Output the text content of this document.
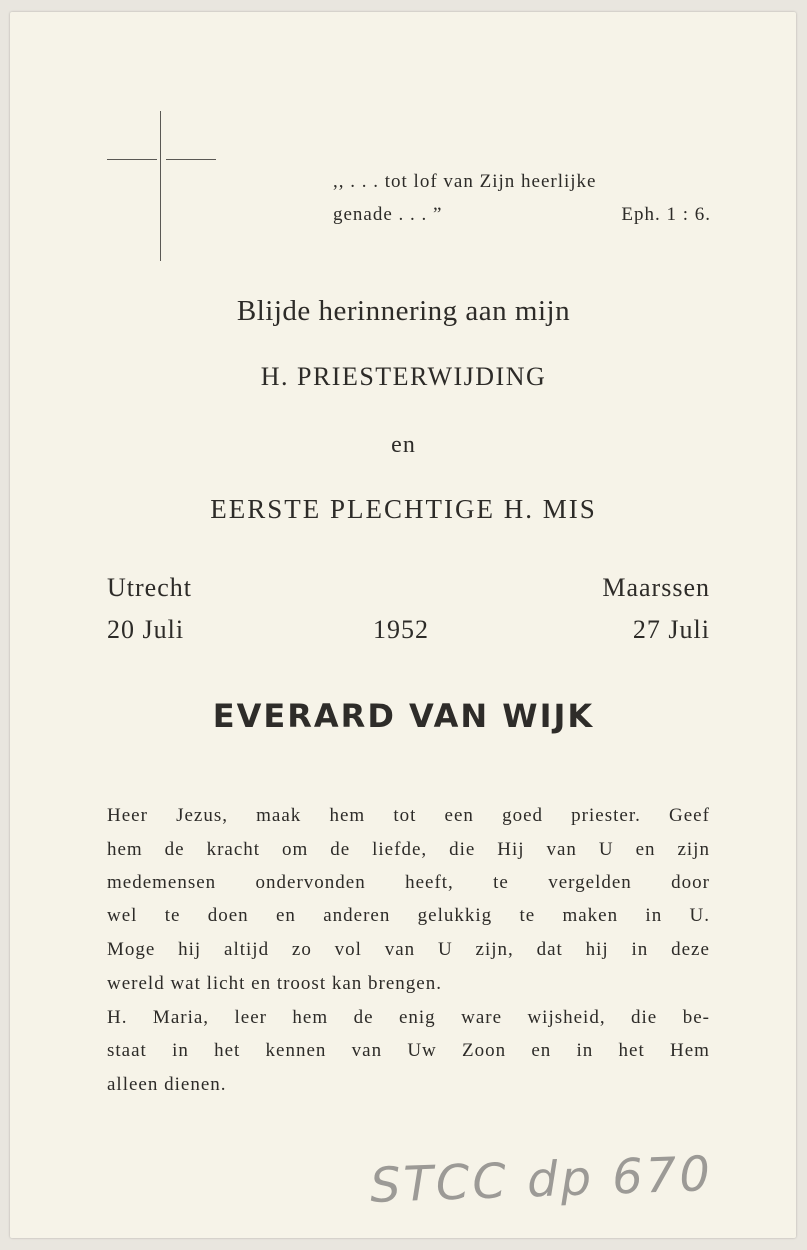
,, . . . tot lof van Zijn heerlijke
genade . . . ”	Eph. 1 : 6.
Blijde herinnering aan mijn
H. PRIESTERWIJDING
en
EERSTE PLECHTIGE H. MIS
Utrecht
20 Juli	1952
Maarssen
27 Juli
EVERARD VAN WIJK
Heer Jezus, maak hem tot een goed priester. Geef
hem de kracht om de liefde, die Hij van U en zijn
medemensen ondervonden heeft, te vergelden door
wel te doen en anderen gelukkig te maken in U.
Moge hij altijd zo vol van U zijn, dat hij in deze
wereld wat licht en troost kan brengen.
H. Maria, leer hem de enig ware wijsheid, die be-
staat in het kennen van Uw Zoon en in het Hem
alleen dienen.
STCC dp 670
